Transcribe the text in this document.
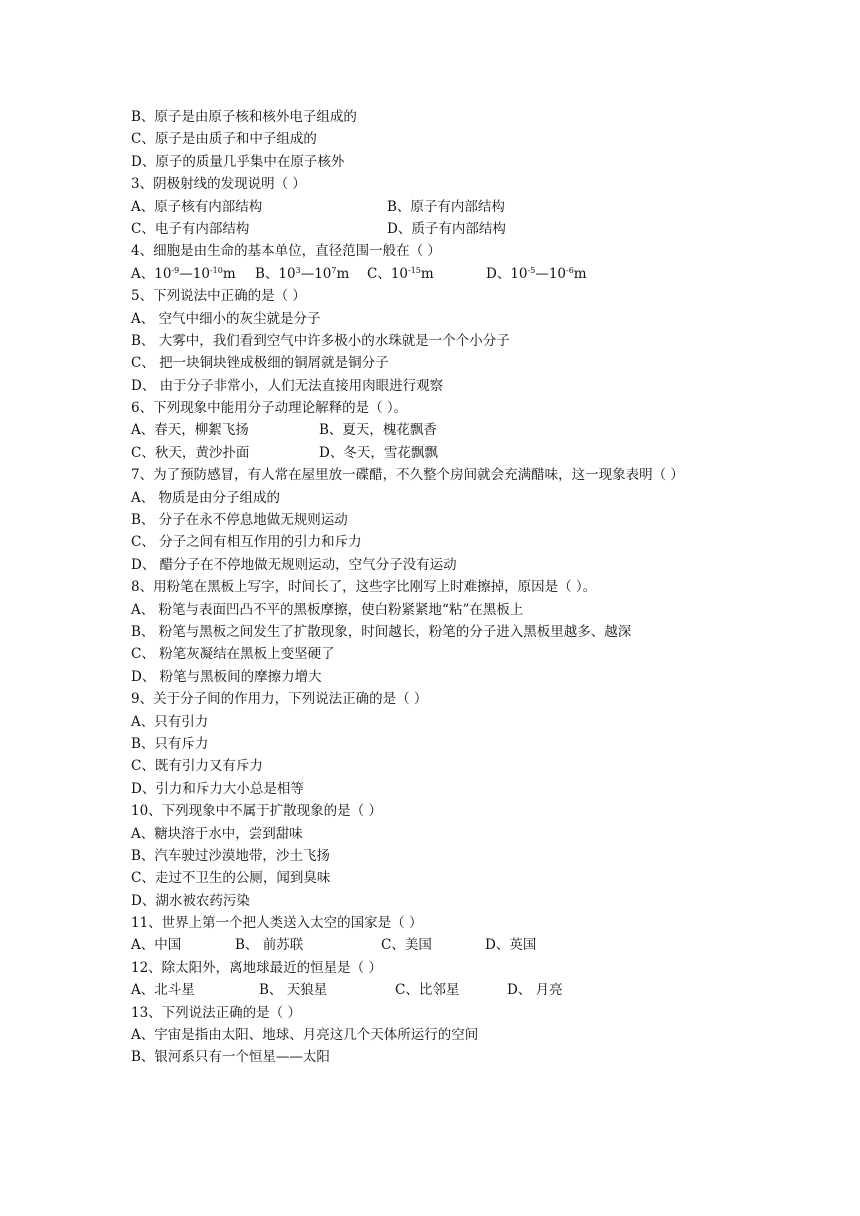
B、原子是由原子核和核外电子组成的
C、原子是由质子和中子组成的
D、原子的质量几乎集中在原子核外
3、阴极射线的发现说明（ ）
A、原子核有内部结构	B、原子有内部结构
C、电子有内部结构	D、质子有内部结构
4、细胞是由生命的基本单位，直径范围一般在（ ）
A、$10^{-9}—10^{-10}m$	B、$10^3—10^7m$	C、$10^{-15}m$	D、$10^{-5}—10^{-6}m$
5、下列说法中正确的是（ ）
A、 空气中细小的灰尘就是分子
B、 大雾中，我们看到空气中许多极小的水珠就是一个个小分子
C、 把一块铜块锉成极细的铜屑就是铜分子
D、 由于分子非常小，人们无法直接用肉眼进行观察
6、下列现象中能用分子动理论解释的是（ ）。
A、春天，柳絮飞扬	B、夏天，槐花飘香
C、秋天，黄沙扑面	D、冬天，雪花飘飘
7、为了预防感冒，有人常在屋里放一碟醋，不久整个房间就会充满醋味，这一现象表明（ ）
A、 物质是由分子组成的
B、 分子在永不停息地做无规则运动
C、 分子之间有相互作用的引力和斥力
D、 醋分子在不停地做无规则运动，空气分子没有运动
8、用粉笔在黑板上写字，时间长了，这些字比刚写上时难擦掉，原因是（ ）。
A、 粉笔与表面凹凸不平的黑板摩擦，使白粉紧紧地“粘”在黑板上
B、 粉笔与黑板之间发生了扩散现象，时间越长，粉笔的分子进入黑板里越多、越深
C、 粉笔灰凝结在黑板上变坚硬了
D、 粉笔与黑板间的摩擦力增大
9、关于分子间的作用力，下列说法正确的是（ ）
A、只有引力
B、只有斥力
C、既有引力又有斥力
D、引力和斥力大小总是相等
10、下列现象中不属于扩散现象的是（ ）
A、糖块溶于水中，尝到甜味
B、汽车驶过沙漠地带，沙土飞扬
C、走过不卫生的公厕，闻到臭味
D、湖水被农药污染
11、世界上第一个把人类送入太空的国家是（ ）
A、中国	B、 前苏联	C、美国	D、英国
12、除太阳外，离地球最近的恒星是（ ）
A、北斗星	B、 天狼星	C、比邻星	D、 月亮
13、下列说法正确的是（ ）
A、宇宙是指由太阳、地球、月亮这几个天体所运行的空间
B、银河系只有一个恒星——太阳
